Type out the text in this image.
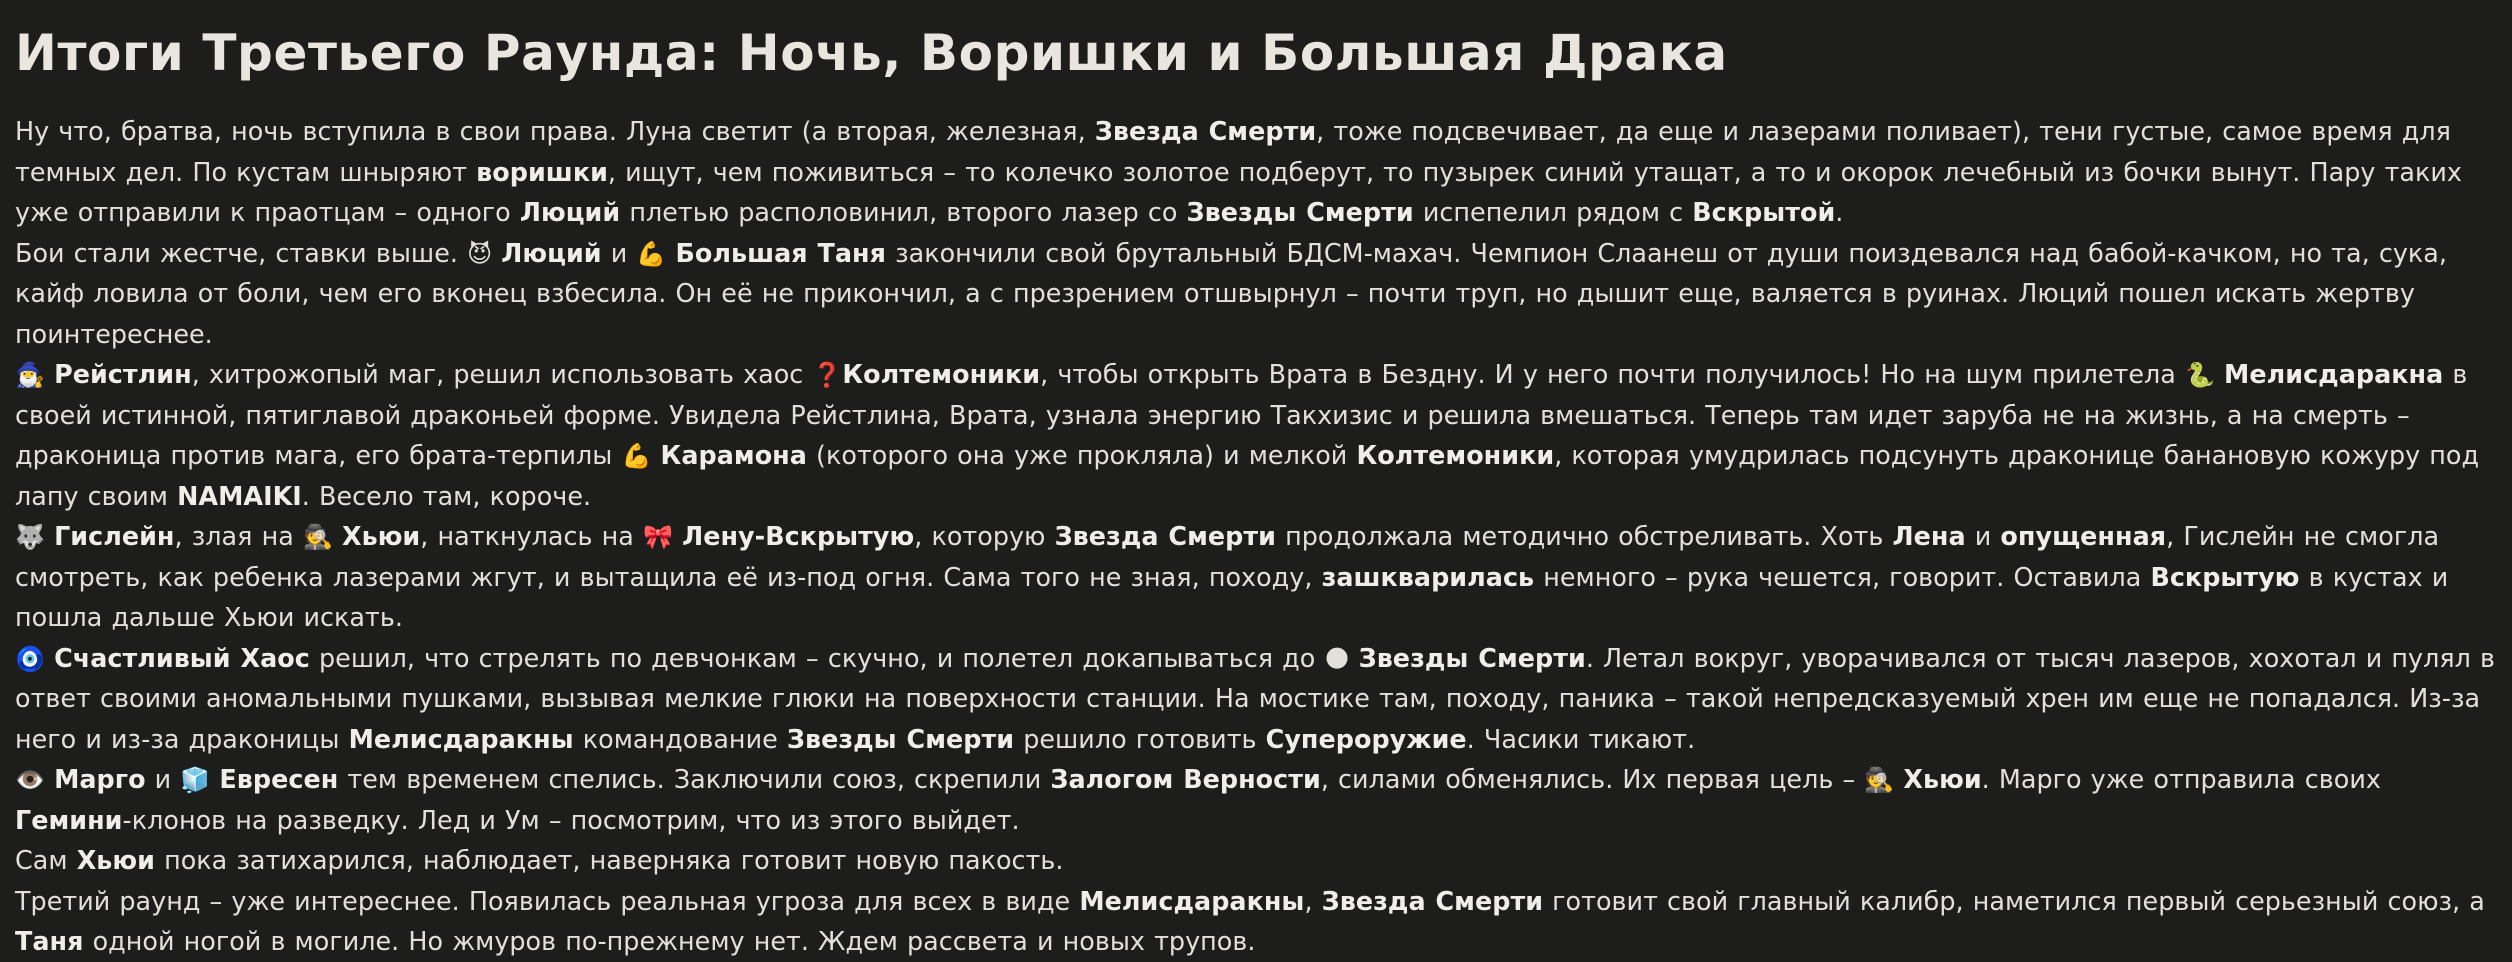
Итоги Третьего Раунда: Ночь, Воришки и Большая Драка

Ну что, братва, ночь вступила в свои права. Луна светит (а вторая, железная, Звезда Смерти, тоже подсвечивает, да еще и лазерами поливает), тени густые, самое время для темных дел. По кустам шныряют воришки, ищут, чем поживиться – то колечко золотое подберут, то пузырек синий утащат, а то и окорок лечебный из бочки вынут. Пару таких уже отправили к праотцам – одного Люций плетью располовинил, второго лазер со Звезды Смерти испепелил рядом с Вскрытой.

Бои стали жестче, ставки выше. 😈 Люций и 💪 Большая Таня закончили свой брутальный БДСМ-махач. Чемпион Слаанеш от души поиздевался над бабой-качком, но та, сука, кайф ловила от боли, чем его вконец взбесила. Он её не прикончил, а с презрением отшвырнул – почти труп, но дышит еще, валяется в руинах. Люций пошел искать жертву поинтереснее.

🧙‍♂️ Рейстлин, хитрожопый маг, решил использовать хаос ❓Колтемоники, чтобы открыть Врата в Бездну. И у него почти получилось! Но на шум прилетела 🐍 Мелисдаракна в своей истинной, пятиглавой драконьей форме. Увидела Рейстлина, Врата, узнала энергию Такхизис и решила вмешаться. Теперь там идет заруба не на жизнь, а на смерть – драконица против мага, его брата-терпилы 💪 Карамона (которого она уже прокляла) и мелкой Колтемоники, которая умудрилась подсунуть драконице банановую кожуру под лапу своим NAMAIKI. Весело там, короче.

🐺 Гислейн, злая на 🕵️ Хьюи, наткнулась на 🎀 Лену-Вскрытую, которую Звезда Смерти продолжала методично обстреливать. Хоть Лена и опущенная, Гислейн не смогла смотреть, как ребенка лазерами жгут, и вытащила её из-под огня. Сама того не зная, походу, зашкварилась немного – рука чешется, говорит. Оставила Вскрытую в кустах и пошла дальше Хьюи искать.

🧿 Счастливый Хаос решил, что стрелять по девчонкам – скучно, и полетел докапываться до 🌑 Звезды Смерти. Летал вокруг, уворачивался от тысяч лазеров, хохотал и пулял в ответ своими аномальными пушками, вызывая мелкие глюки на поверхности станции. На мостике там, походу, паника – такой непредсказуемый хрен им еще не попадался. Из-за него и из-за драконицы Мелисдаракны командование Звезды Смерти решило готовить Супероружие. Часики тикают.

👁️ Марго и 🧊 Евресен тем временем спелись. Заключили союз, скрепили Залогом Верности, силами обменялись. Их первая цель – 🕵️ Хьюи. Марго уже отправила своих Гемини-клонов на разведку. Лед и Ум – посмотрим, что из этого выйдет.

Сам Хьюи пока затихарился, наблюдает, наверняка готовит новую пакость.

Третий раунд – уже интереснее. Появилась реальная угроза для всех в виде Мелисдаракны, Звезда Смерти готовит свой главный калибр, наметился первый серьезный союз, а Таня одной ногой в могиле. Но жмуров по-прежнему нет. Ждем рассвета и новых трупов.
